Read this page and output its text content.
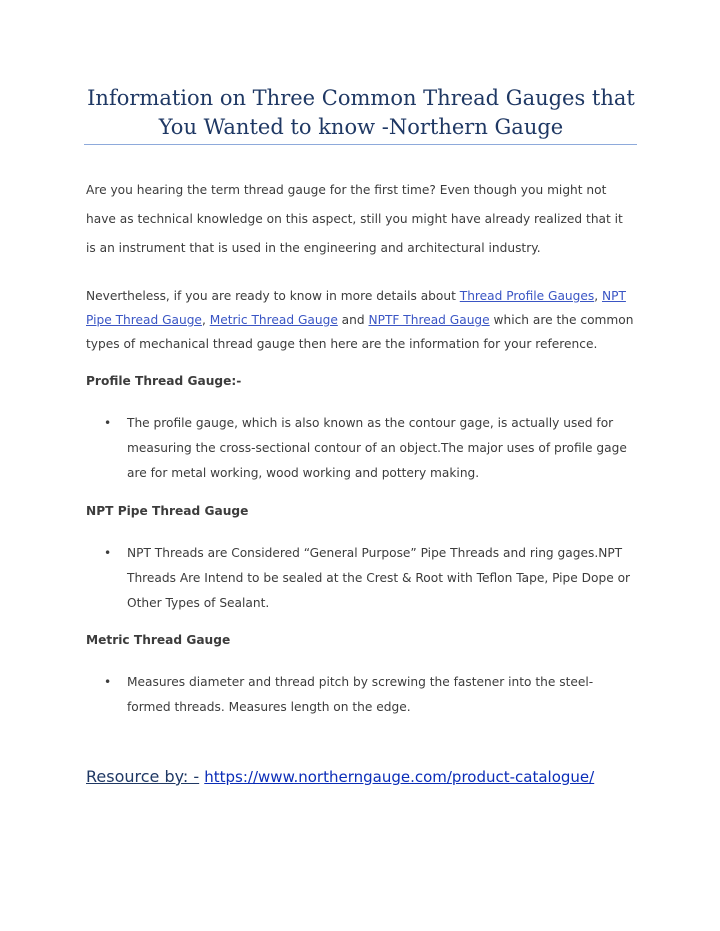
Information on Three Common Thread Gauges that You Wanted to know -Northern Gauge

Are you hearing the term thread gauge for the first time? Even though you might not have as technical knowledge on this aspect, still you might have already realized that it is an instrument that is used in the engineering and architectural industry.

Nevertheless, if you are ready to know in more details about Thread Profile Gauges, NPT Pipe Thread Gauge, Metric Thread Gauge and NPTF Thread Gauge which are the common types of mechanical thread gauge then here are the information for your reference.

Profile Thread Gauge:-

• The profile gauge, which is also known as the contour gage, is actually used for measuring the cross-sectional contour of an object.The major uses of profile gage are for metal working, wood working and pottery making.

NPT Pipe Thread Gauge

• NPT Threads are Considered “General Purpose” Pipe Threads and ring gages.NPT Threads Are Intend to be sealed at the Crest & Root with Teflon Tape, Pipe Dope or Other Types of Sealant.

Metric Thread Gauge

• Measures diameter and thread pitch by screwing the fastener into the steel-formed threads. Measures length on the edge.
Resource by: - https://www.northerngauge.com/product-catalogue/
